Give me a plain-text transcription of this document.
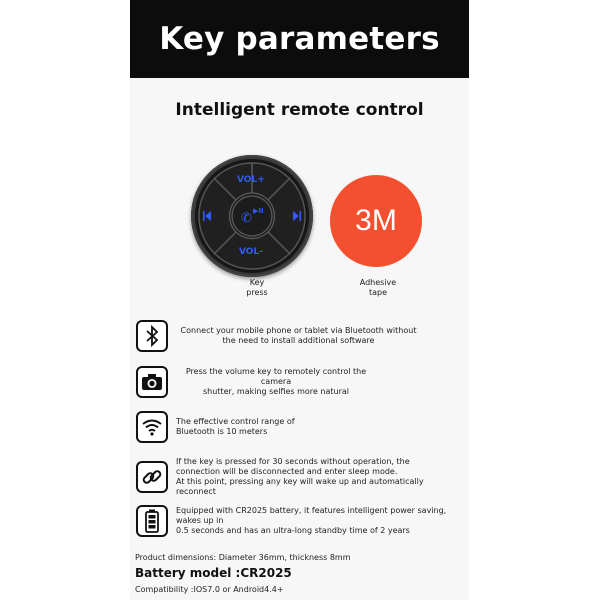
Key parameters
Intelligent remote control
VOL+
VOL-
▶II
✆
Key
press
3M
Adhesive
tape
Connect your mobile phone or tablet via Bluetooth without
the need to install additional software
Press the volume key to remotely control the camera
shutter, making selfies more natural
The effective control range of
Bluetooth is 10 meters
If the key is pressed for 30 seconds without operation, the
connection will be disconnected and enter sleep mode.
At this point, pressing any key will wake up and automatically
reconnect
Equipped with CR2025 battery, it features intelligent power saving, wakes up in
0.5 seconds and has an ultra-long standby time of 2 years
Product dimensions: Diameter 36mm, thickness 8mm
Battery model :CR2025
Compatibility :IOS7.0 or Android4.4+
